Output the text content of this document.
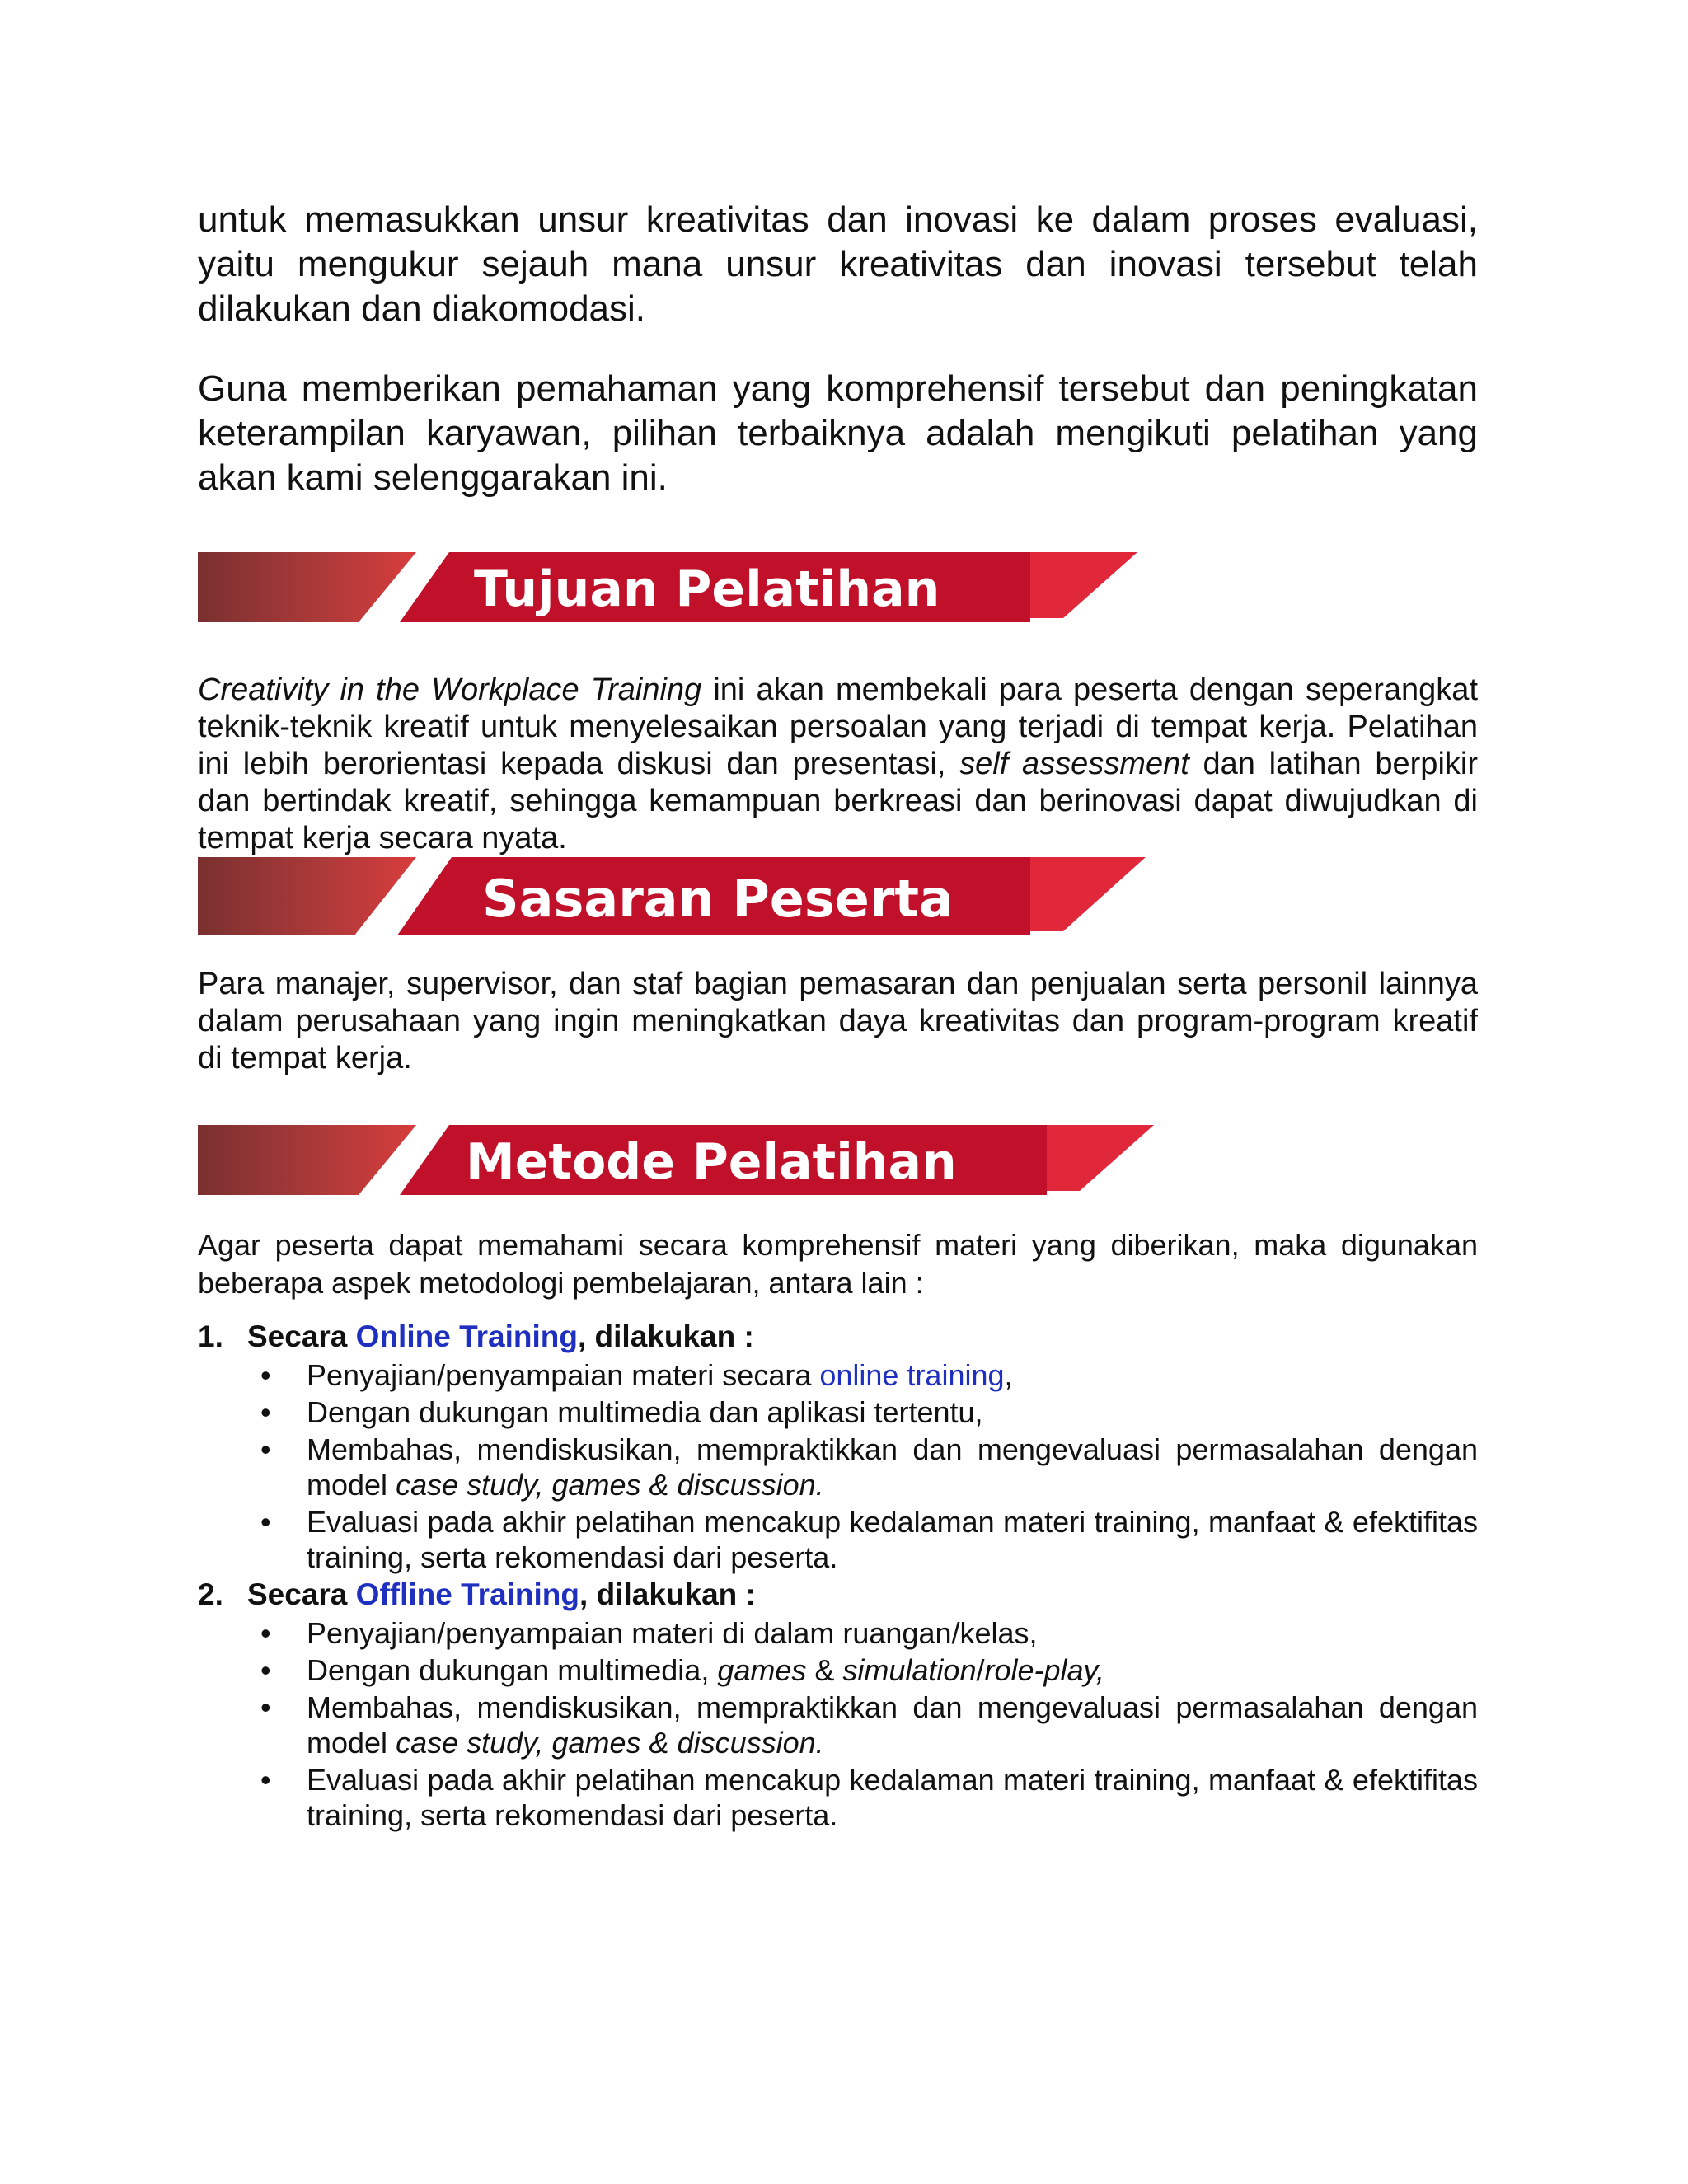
untuk memasukkan unsur kreativitas dan inovasi ke dalam proses evaluasi, yaitu mengukur sejauh mana unsur kreativitas dan inovasi tersebut telah dilakukan dan diakomodasi.

Guna memberikan pemahaman yang komprehensif tersebut dan peningkatan keterampilan karyawan, pilihan terbaiknya adalah mengikuti pelatihan yang akan kami selenggarakan ini.

Tujuan Pelatihan

Creativity in the Workplace Training ini akan membekali para peserta dengan seperangkat teknik-teknik kreatif untuk menyelesaikan persoalan yang terjadi di tempat kerja. Pelatihan ini lebih berorientasi kepada diskusi dan presentasi, self assessment dan latihan berpikir dan bertindak kreatif, sehingga kemampuan berkreasi dan berinovasi dapat diwujudkan di tempat kerja secara nyata.

Sasaran Peserta

Para manajer, supervisor, dan staf bagian pemasaran dan penjualan serta personil lainnya dalam perusahaan yang ingin meningkatkan daya kreativitas dan program-program kreatif di tempat kerja.

Metode Pelatihan

Agar peserta dapat memahami secara komprehensif materi yang diberikan, maka digunakan beberapa aspek metodologi pembelajaran, antara lain :

1. Secara Online Training, dilakukan :

• Penyajian/penyampaian materi secara online training,
• Dengan dukungan multimedia dan aplikasi tertentu,
• Membahas, mendiskusikan, mempraktikkan dan mengevaluasi permasalahan dengan model case study, games & discussion.
• Evaluasi pada akhir pelatihan mencakup kedalaman materi training, manfaat & efektifitas training, serta rekomendasi dari peserta.

2. Secara Offline Training, dilakukan :

• Penyajian/penyampaian materi di dalam ruangan/kelas,
• Dengan dukungan multimedia, games & simulation/role-play,
• Membahas, mendiskusikan, mempraktikkan dan mengevaluasi permasalahan dengan model case study, games & discussion.
• Evaluasi pada akhir pelatihan mencakup kedalaman materi training, manfaat & efektifitas training, serta rekomendasi dari peserta.
